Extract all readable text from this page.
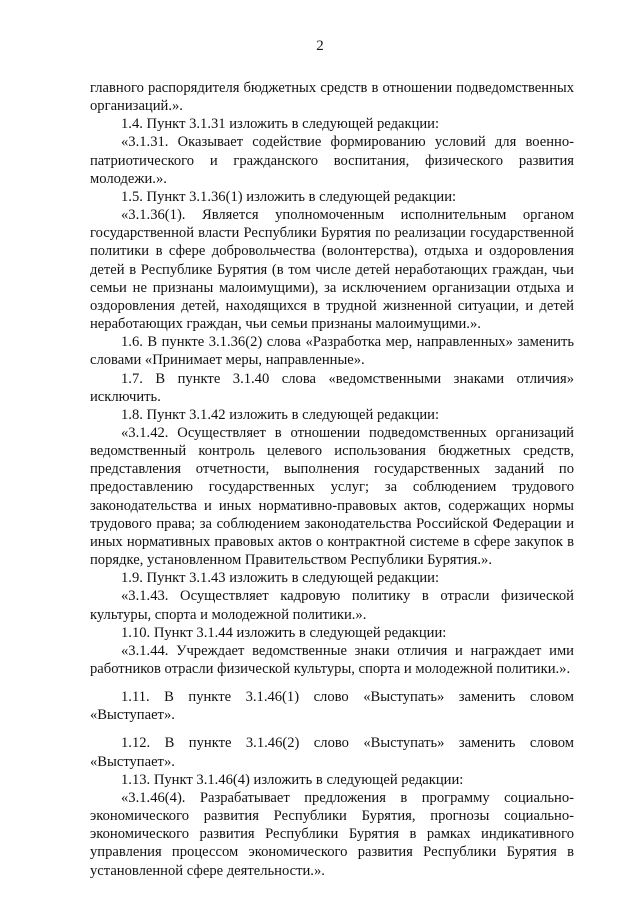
2

главного распорядителя бюджетных средств в отношении подведомственных организаций.».

1.4. Пункт 3.1.31 изложить в следующей редакции:

«3.1.31. Оказывает содействие формированию условий для военно-патриотического и гражданского воспитания, физического развития молодежи.».

1.5. Пункт 3.1.36(1) изложить в следующей редакции:

«3.1.36(1). Является уполномоченным исполнительным органом государственной власти Республики Бурятия по реализации государственной политики в сфере добровольчества (волонтерства), отдыха и оздоровления детей в Республике Бурятия (в том числе детей неработающих граждан, чьи семьи не признаны малоимущими), за исключением организации отдыха и оздоровления детей, находящихся в трудной жизненной ситуации, и детей неработающих граждан, чьи семьи признаны малоимущими.».

1.6. В пункте 3.1.36(2) слова «Разработка мер, направленных» заменить словами «Принимает меры, направленные».

1.7. В пункте 3.1.40 слова «ведомственными знаками отличия» исключить.

1.8. Пункт 3.1.42 изложить в следующей редакции:

«3.1.42. Осуществляет в отношении подведомственных организаций ведомственный контроль целевого использования бюджетных средств, представления отчетности, выполнения государственных заданий по предоставлению государственных услуг; за соблюдением трудового законодательства и иных нормативно-правовых актов, содержащих нормы трудового права; за соблюдением законодательства Российской Федерации и иных нормативных правовых актов о контрактной системе в сфере закупок в порядке, установленном Правительством Республики Бурятия.».

1.9. Пункт 3.1.43 изложить в следующей редакции:

«3.1.43. Осуществляет кадровую политику в отрасли физической культуры, спорта и молодежной политики.».

1.10. Пункт 3.1.44 изложить в следующей редакции:

«3.1.44. Учреждает ведомственные знаки отличия и награждает ими работников отрасли физической культуры, спорта и молодежной политики.».

1.11. В пункте 3.1.46(1) слово «Выступать» заменить словом «Выступает».

1.12. В пункте 3.1.46(2) слово «Выступать» заменить словом «Выступает».

1.13. Пункт 3.1.46(4) изложить в следующей редакции:

«3.1.46(4). Разрабатывает предложения в программу социально-экономического развития Республики Бурятия, прогнозы социально-экономического развития Республики Бурятия в рамках индикативного управления процессом экономического развития Республики Бурятия в установленной сфере деятельности.».
